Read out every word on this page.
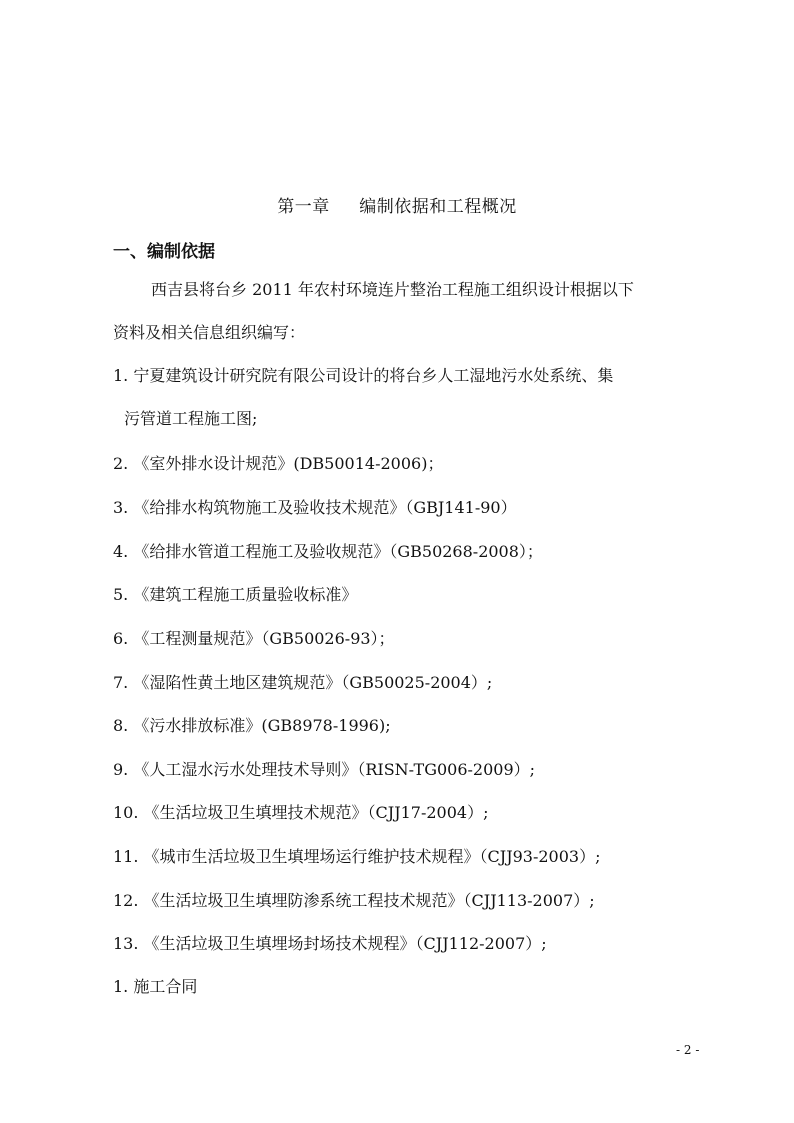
第一章     编制依据和工程概况
一、编制依据
西吉县将台乡 2011 年农村环境连片整治工程施工组织设计根据以下
资料及相关信息组织编写：
1. 宁夏建筑设计研究院有限公司设计的将台乡人工湿地污水处系统、集
污管道工程施工图;
2. 《室外排水设计规范》(DB50014-2006)；
3. 《给排水构筑物施工及验收技术规范》（GBJ141-90）
4. 《给排水管道工程施工及验收规范》（GB50268-2008）；
5. 《建筑工程施工质量验收标准》
6. 《工程测量规范》（GB50026-93）；
7. 《湿陷性黄土地区建筑规范》（GB50025-2004）;
8. 《污水排放标准》(GB8978-1996);
9. 《人工湿水污水处理技术导则》（RISN-TG006-2009）;
10. 《生活垃圾卫生填埋技术规范》（CJJ17-2004）;
11. 《城市生活垃圾卫生填埋场运行维护技术规程》（CJJ93-2003）;
12. 《生活垃圾卫生填埋防渗系统工程技术规范》（CJJ113-2007）;
13. 《生活垃圾卫生填埋场封场技术规程》（CJJ112-2007）;
1. 施工合同
- 2 -
